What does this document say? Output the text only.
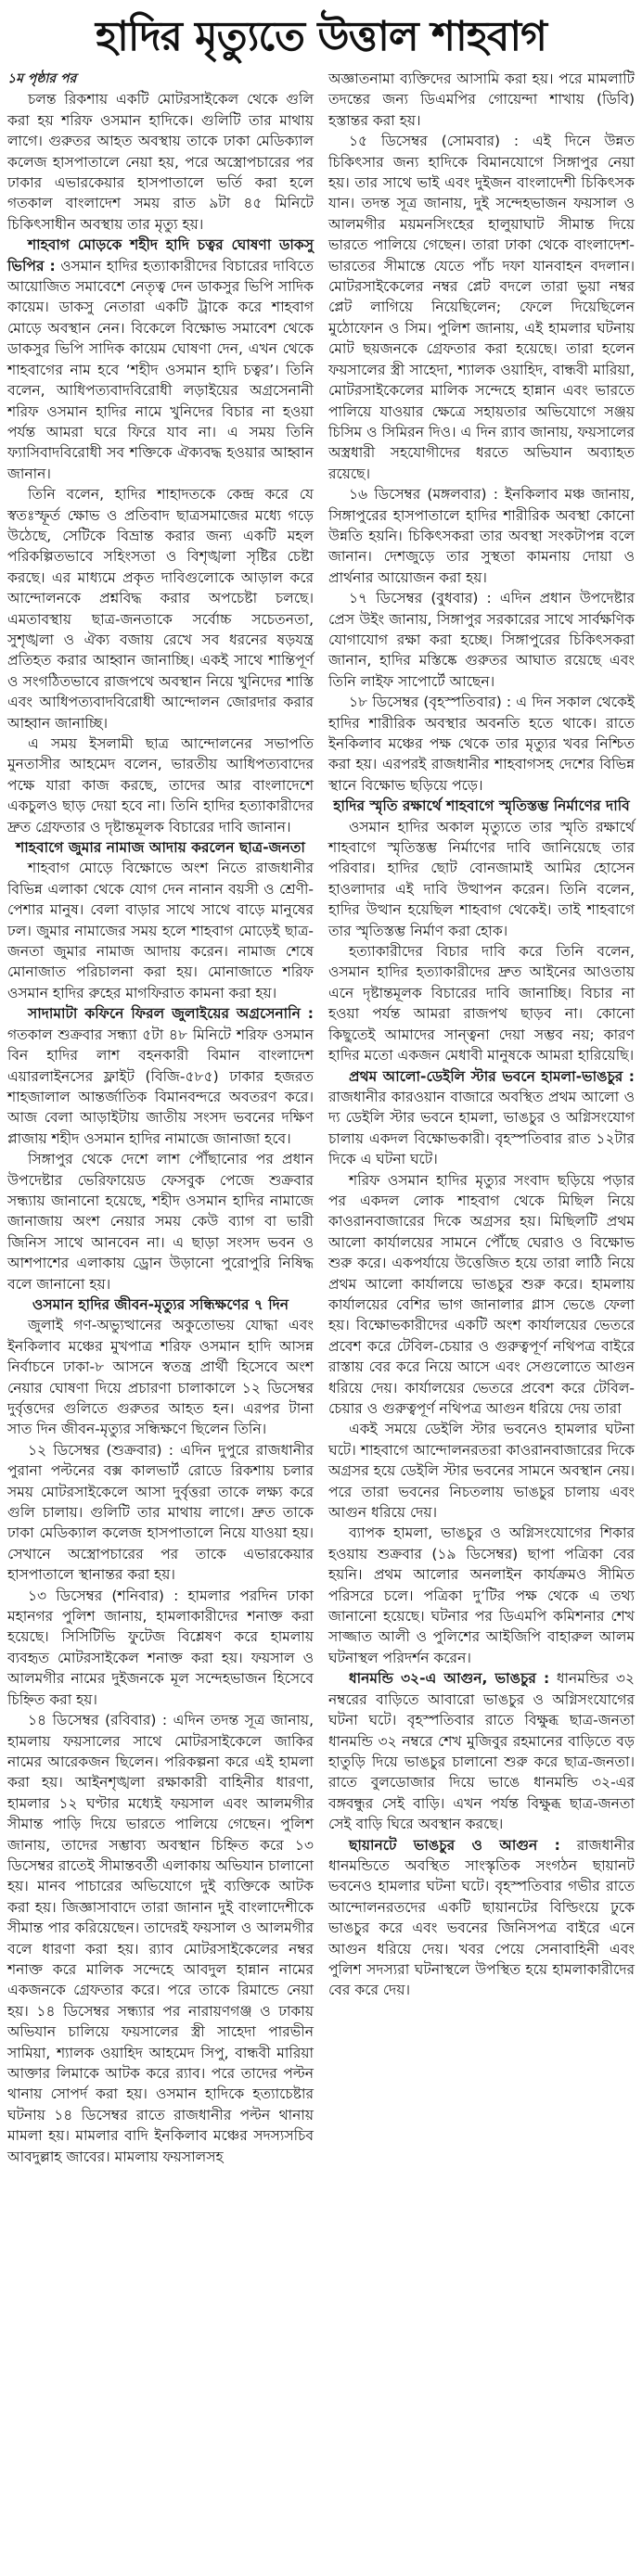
হাদির মৃত্যুতে উত্তাল শাহবাগ

১ম পৃষ্ঠার পর

চলন্ত রিকশায় একটি মোটরসাইকেল থেকে গুলি করা হয় শরিফ ওসমান হাদিকে। গুলিটি তার মাথায় লাগে। গুরুতর আহত অবস্থায় তাকে ঢাকা মেডিক্যাল কলেজ হাসপাতালে নেয়া হয়, পরে অস্ত্রোপচারের পর ঢাকার এভারকেয়ার হাসপাতালে ভর্তি করা হলে গতকাল বাংলাদেশ সময় রাত ৯টা ৪৫ মিনিটে চিকিৎসাধীন অবস্থায় তার মৃত্যু হয়।

শাহবাগ মোড়কে শহীদ হাদি চত্বর ঘোষণা ডাকসু ভিপির : ওসমান হাদির হত্যাকারীদের বিচারের দাবিতে আয়োজিত সমাবেশে নেতৃত্ব দেন ডাকসুর ভিপি সাদিক কায়েম। ডাকসু নেতারা একটি ট্রাকে করে শাহবাগ মোড়ে অবস্থান নেন। বিকেলে বিক্ষোভ সমাবেশ থেকে ডাকসুর ভিপি সাদিক কায়েম ঘোষণা দেন, এখন থেকে শাহবাগের নাম হবে ‘শহীদ ওসমান হাদি চত্বর’। তিনি বলেন, আধিপত্যবাদবিরোধী লড়াইয়ের অগ্রসেনানী শরিফ ওসমান হাদির নামে খুনিদের বিচার না হওয়া পর্যন্ত আমরা ঘরে ফিরে যাব না। এ সময় তিনি ফ্যাসিবাদবিরোধী সব শক্তিকে ঐক্যবদ্ধ হওয়ার আহ্বান জানান।

তিনি বলেন, হাদির শাহাদতকে কেন্দ্র করে যে স্বতঃস্ফূর্ত ক্ষোভ ও প্রতিবাদ ছাত্রসমাজের মধ্যে গড়ে উঠেছে, সেটিকে বিভ্রান্ত করার জন্য একটি মহল পরিকল্পিতভাবে সহিংসতা ও বিশৃঙ্খলা সৃষ্টির চেষ্টা করছে। এর মাধ্যমে প্রকৃত দাবিগুলোকে আড়াল করে আন্দোলনকে প্রশ্নবিদ্ধ করার অপচেষ্টা চলছে। এমতাবস্থায় ছাত্র-জনতাকে সর্বোচ্চ সচেতনতা, সুশৃঙ্খলা ও ঐক্য বজায় রেখে সব ধরনের ষড়যন্ত্র প্রতিহত করার আহ্বান জানাচ্ছি। একই সাথে শান্তিপূর্ণ ও সংগঠিতভাবে রাজপথে অবস্থান নিয়ে খুনিদের শাস্তি এবং আধিপত্যবাদবিরোধী আন্দোলন জোরদার করার আহ্বান জানাচ্ছি।

এ সময় ইসলামী ছাত্র আন্দোলনের সভাপতি মুনতাসীর আহমেদ বলেন, ভারতীয় আধিপত্যবাদের পক্ষে যারা কাজ করছে, তাদের আর বাংলাদেশে একচুলও ছাড় দেয়া হবে না। তিনি হাদির হত্যাকারীদের দ্রুত গ্রেফতার ও দৃষ্টান্তমূলক বিচারের দাবি জানান।

শাহবাগে জুমার নামাজ আদায় করলেন ছাত্র-জনতা

শাহবাগ মোড়ে বিক্ষোভে অংশ নিতে রাজধানীর বিভিন্ন এলাকা থেকে যোগ দেন নানান বয়সী ও শ্রেণী-পেশার মানুষ। বেলা বাড়ার সাথে সাথে বাড়ে মানুষের ঢল। জুমার নামাজের সময় হলে শাহবাগ মোড়েই ছাত্র-জনতা জুমার নামাজ আদায় করেন। নামাজ শেষে মোনাজাত পরিচালনা করা হয়। মোনাজাতে শরিফ ওসমান হাদির রুহের মাগফিরাত কামনা করা হয়।

সাদামাটা কফিনে ফিরল জুলাইয়ের অগ্রসেনানি : গতকাল শুক্রবার সন্ধ্যা ৫টা ৪৮ মিনিটে শরিফ ওসমান বিন হাদির লাশ বহনকারী বিমান বাংলাদেশ এয়ারলাইনসের ফ্লাইট (বিজি-৫৮৫) ঢাকার হজরত শাহজালাল আন্তর্জাতিক বিমানবন্দরে অবতরণ করে। আজ বেলা আড়াইটায় জাতীয় সংসদ ভবনের দক্ষিণ প্লাজায় শহীদ ওসমান হাদির নামাজে জানাজা হবে।

সিঙ্গাপুর থেকে দেশে লাশ পৌঁছানোর পর প্রধান উপদেষ্টার ভেরিফায়েড ফেসবুক পেজে শুক্রবার সন্ধ্যায় জানানো হয়েছে, শহীদ ওসমান হাদির নামাজে জানাজায় অংশ নেয়ার সময় কেউ ব্যাগ বা ভারী জিনিস সাথে আনবেন না। এ ছাড়া সংসদ ভবন ও আশপাশের এলাকায় ড্রোন উড়ানো পুরোপুরি নিষিদ্ধ বলে জানানো হয়।

ওসমান হাদির জীবন-মৃত্যুর সন্ধিক্ষণের ৭ দিন

জুলাই গণ-অভ্যুত্থানের অকুতোভয় যোদ্ধা এবং ইনকিলাব মঞ্চের মুখপাত্র শরিফ ওসমান হাদি আসন্ন নির্বাচনে ঢাকা-৮ আসনে স্বতন্ত্র প্রার্থী হিসেবে অংশ নেয়ার ঘোষণা দিয়ে প্রচারণা চালাকালে ১২ ডিসেম্বর দুর্বৃত্তদের গুলিতে গুরুতর আহত হন। এরপর টানা সাত দিন জীবন-মৃত্যুর সন্ধিক্ষণে ছিলেন তিনি।

১২ ডিসেম্বর (শুক্রবার) : এদিন দুপুরে রাজধানীর পুরানা পল্টনের বক্স কালভার্ট রোডে রিকশায় চলার সময় মোটরসাইকেলে আসা দুর্বৃত্তরা তাকে লক্ষ্য করে গুলি চালায়। গুলিটি তার মাথায় লাগে। দ্রুত তাকে ঢাকা মেডিক্যাল কলেজ হাসপাতালে নিয়ে যাওয়া হয়। সেখানে অস্ত্রোপচারের পর তাকে এভারকেয়ার হাসপাতালে স্থানান্তর করা হয়।

১৩ ডিসেম্বর (শনিবার) : হামলার পরদিন ঢাকা মহানগর পুলিশ জানায়, হামলাকারীদের শনাক্ত করা হয়েছে। সিসিটিভি ফুটেজ বিশ্লেষণ করে হামলায় ব্যবহৃত মোটরসাইকেল শনাক্ত করা হয়। ফয়সাল ও আলমগীর নামের দুইজনকে মূল সন্দেহভাজন হিসেবে চিহ্নিত করা হয়।

১৪ ডিসেম্বর (রবিবার) : এদিন তদন্ত সূত্র জানায়, হামলায় ফয়সালের সাথে মোটরসাইকেলে জাকির নামের আরেকজন ছিলেন। পরিকল্পনা করে এই হামলা করা হয়। আইনশৃঙ্খলা রক্ষাকারী বাহিনীর ধারণা, হামলার ১২ ঘণ্টার মধ্যেই ফয়সাল এবং আলমগীর সীমান্ত পাড়ি দিয়ে ভারতে পালিয়ে গেছেন। পুলিশ জানায়, তাদের সম্ভাব্য অবস্থান চিহ্নিত করে ১৩ ডিসেম্বর রাতেই সীমান্তবর্তী এলাকায় অভিযান চালানো হয়। মানব পাচারের অভিযোগে দুই ব্যক্তিকে আটক করা হয়। জিজ্ঞাসাবাদে তারা জানান দুই বাংলাদেশীকে সীমান্ত পার করিয়েছেন। তাদেরই ফয়সাল ও আলমগীর বলে ধারণা করা হয়। র‍্যাব মোটরসাইকেলের নম্বর শনাক্ত করে মালিক সন্দেহে আবদুল হান্নান নামের একজনকে গ্রেফতার করে। পরে তাকে রিমান্ডে নেয়া হয়। ১৪ ডিসেম্বর সন্ধ্যার পর নারায়ণগঞ্জ ও ঢাকায় অভিযান চালিয়ে ফয়সালের স্ত্রী সাহেদা পারভীন সামিয়া, শ্যালক ওয়াহিদ আহমেদ সিপু, বান্ধবী মারিয়া আক্তার লিমাকে আটক করে র‍্যাব। পরে তাদের পল্টন থানায় সোপর্দ করা হয়। ওসমান হাদিকে হত্যাচেষ্টার ঘটনায় ১৪ ডিসেম্বর রাতে রাজধানীর পল্টন থানায় মামলা হয়। মামলার বাদি ইনকিলাব মঞ্চের সদস্যসচিব আবদুল্লাহ জাবের। মামলায় ফয়সালসহ

অজ্ঞাতনামা ব্যক্তিদের আসামি করা হয়। পরে মামলাটি তদন্তের জন্য ডিএমপির গোয়েন্দা শাখায় (ডিবি) হস্তান্তর করা হয়।

১৫ ডিসেম্বর (সোমবার) : এই দিনে উন্নত চিকিৎসার জন্য হাদিকে বিমানযোগে সিঙ্গাপুর নেয়া হয়। তার সাথে ভাই এবং দুইজন বাংলাদেশী চিকিৎসক যান। তদন্ত সূত্র জানায়, দুই সন্দেহভাজন ফয়সাল ও আলমগীর ময়মনসিংহের হালুয়াঘাট সীমান্ত দিয়ে ভারতে পালিয়ে গেছেন। তারা ঢাকা থেকে বাংলাদেশ-ভারতের সীমান্তে যেতে পাঁচ দফা যানবাহন বদলান। মোটরসাইকেলের নম্বর প্লেট বদলে তারা ভুয়া নম্বর প্লেট লাগিয়ে নিয়েছিলেন; ফেলে দিয়েছিলেন মুঠোফোন ও সিম। পুলিশ জানায়, এই হামলার ঘটনায় মোট ছয়জনকে গ্রেফতার করা হয়েছে। তারা হলেন ফয়সালের স্ত্রী সাহেদা, শ্যালক ওয়াহিদ, বান্ধবী মারিয়া, মোটরসাইকেলের মালিক সন্দেহে হান্নান এবং ভারতে পালিয়ে যাওয়ার ক্ষেত্রে সহায়তার অভিযোগে সঞ্জয় চিসিম ও সিমিরন দিও। এ দিন র‍্যাব জানায়, ফয়সালের অস্ত্রধারী সহযোগীদের ধরতে অভিযান অব্যাহত রয়েছে।

১৬ ডিসেম্বর (মঙ্গলবার) : ইনকিলাব মঞ্চ জানায়, সিঙ্গাপুরের হাসপাতালে হাদির শারীরিক অবস্থা কোনো উন্নতি হয়নি। চিকিৎসকরা তার অবস্থা সংকটাপন্ন বলে জানান। দেশজুড়ে তার সুস্থতা কামনায় দোয়া ও প্রার্থনার আয়োজন করা হয়।

১৭ ডিসেম্বর (বুধবার) : এদিন প্রধান উপদেষ্টার প্রেস উইং জানায়, সিঙ্গাপুর সরকারের সাথে সার্বক্ষণিক যোগাযোগ রক্ষা করা হচ্ছে। সিঙ্গাপুরের চিকিৎসকরা জানান, হাদির মস্তিষ্কে গুরুতর আঘাত রয়েছে এবং তিনি লাইফ সাপোর্টে আছেন।

১৮ ডিসেম্বর (বৃহস্পতিবার) : এ দিন সকাল থেকেই হাদির শারীরিক অবস্থার অবনতি হতে থাকে। রাতে ইনকিলাব মঞ্চের পক্ষ থেকে তার মৃত্যুর খবর নিশ্চিত করা হয়। এরপরই রাজধানীর শাহবাগসহ দেশের বিভিন্ন স্থানে বিক্ষোভ ছড়িয়ে পড়ে।

হাদির স্মৃতি রক্ষার্থে শাহবাগে স্মৃতিস্তম্ভ নির্মাণের দাবি

ওসমান হাদির অকাল মৃত্যুতে তার স্মৃতি রক্ষার্থে শাহবাগে স্মৃতিস্তম্ভ নির্মাণের দাবি জানিয়েছে তার পরিবার। হাদির ছোট বোনজামাই আমির হোসেন হাওলাদার এই দাবি উত্থাপন করেন। তিনি বলেন, হাদির উত্থান হয়েছিল শাহবাগ থেকেই। তাই শাহবাগে তার স্মৃতিস্তম্ভ নির্মাণ করা হোক।

হত্যাকারীদের বিচার দাবি করে তিনি বলেন, ওসমান হাদির হত্যাকারীদের দ্রুত আইনের আওতায় এনে দৃষ্টান্তমূলক বিচারের দাবি জানাচ্ছি। বিচার না হওয়া পর্যন্ত আমরা রাজপথ ছাড়ব না। কোনো কিছুতেই আমাদের সান্ত্বনা দেয়া সম্ভব নয়; কারণ হাদির মতো একজন মেধাবী মানুষকে আমরা হারিয়েছি।

প্রথম আলো-ডেইলি স্টার ভবনে হামলা-ভাঙচুর : রাজধানীর কারওয়ান বাজারে অবস্থিত প্রথম আলো ও দ্য ডেইলি স্টার ভবনে হামলা, ভাঙচুর ও অগ্নিসংযোগ চালায় একদল বিক্ষোভকারী। বৃহস্পতিবার রাত ১২টার দিকে এ ঘটনা ঘটে।

শরিফ ওসমান হাদির মৃত্যুর সংবাদ ছড়িয়ে পড়ার পর একদল লোক শাহবাগ থেকে মিছিল নিয়ে কাওরানবাজারের দিকে অগ্রসর হয়। মিছিলটি প্রথম আলো কার্যালয়ের সামনে পৌঁছে ঘেরাও ও বিক্ষোভ শুরু করে। একপর্যায়ে উত্তেজিত হয়ে তারা লাঠি নিয়ে প্রথম আলো কার্যালয়ে ভাঙচুর শুরু করে। হামলায় কার্যালয়ের বেশির ভাগ জানালার গ্লাস ভেঙে ফেলা হয়। বিক্ষোভকারীদের একটি অংশ কার্যালয়ের ভেতরে প্রবেশ করে টেবিল-চেয়ার ও গুরুত্বপূর্ণ নথিপত্র বাইরে রাস্তায় বের করে নিয়ে আসে এবং সেগুলোতে আগুন ধরিয়ে দেয়। কার্যালয়ের ভেতরে প্রবেশ করে টেবিল-চেয়ার ও গুরুত্বপূর্ণ নথিপত্র আগুন ধরিয়ে দেয় তারা

একই সময়ে ডেইলি স্টার ভবনেও হামলার ঘটনা ঘটে। শাহবাগে আন্দোলনরতরা কাওরানবাজারের দিকে অগ্রসর হয়ে ডেইলি স্টার ভবনের সামনে অবস্থান নেয়। পরে তারা ভবনের নিচতলায় ভাঙচুর চালায় এবং আগুন ধরিয়ে দেয়।

ব্যাপক হামলা, ভাঙচুর ও অগ্নিসংযোগের শিকার হওয়ায় শুক্রবার (১৯ ডিসেম্বর) ছাপা পত্রিকা বের হয়নি। প্রথম আলোর অনলাইন কার্যক্রমও সীমিত পরিসরে চলে। পত্রিকা দু’টির পক্ষ থেকে এ তথ্য জানানো হয়েছে। ঘটনার পর ডিএমপি কমিশনার শেখ সাজ্জাত আলী ও পুলিশের আইজিপি বাহারুল আলম ঘটনাস্থল পরিদর্শন করেন।

ধানমন্ডি ৩২-এ আগুন, ভাঙচুর : ধানমন্ডির ৩২ নম্বরের বাড়িতে আবারো ভাঙচুর ও অগ্নিসংযোগের ঘটনা ঘটে। বৃহস্পতিবার রাতে বিক্ষুব্ধ ছাত্র-জনতা ধানমন্ডি ৩২ নম্বরে শেখ মুজিবুর রহমানের বাড়িতে বড় হাতুড়ি দিয়ে ভাঙচুর চালানো শুরু করে ছাত্র-জনতা। রাতে বুলডোজার দিয়ে ভাঙে ধানমন্ডি ৩২-এর বঙ্গবন্ধুর সেই বাড়ি। এখন পর্যন্ত বিক্ষুব্ধ ছাত্র-জনতা সেই বাড়ি ঘিরে অবস্থান করছে।

ছায়ানটে ভাঙচুর ও আগুন : রাজধানীর ধানমন্ডিতে অবস্থিত সাংস্কৃতিক সংগঠন ছায়ানট ভবনেও হামলার ঘটনা ঘটে। বৃহস্পতিবার গভীর রাতে আন্দোলনরতদের একটি ছায়ানটের বিল্ডিংয়ে ঢুকে ভাঙচুর করে এবং ভবনের জিনিসপত্র বাইরে এনে আগুন ধরিয়ে দেয়। খবর পেয়ে সেনাবাহিনী এবং পুলিশ সদস্যরা ঘটনাস্থলে উপস্থিত হয়ে হামলাকারীদের বের করে দেয়।
